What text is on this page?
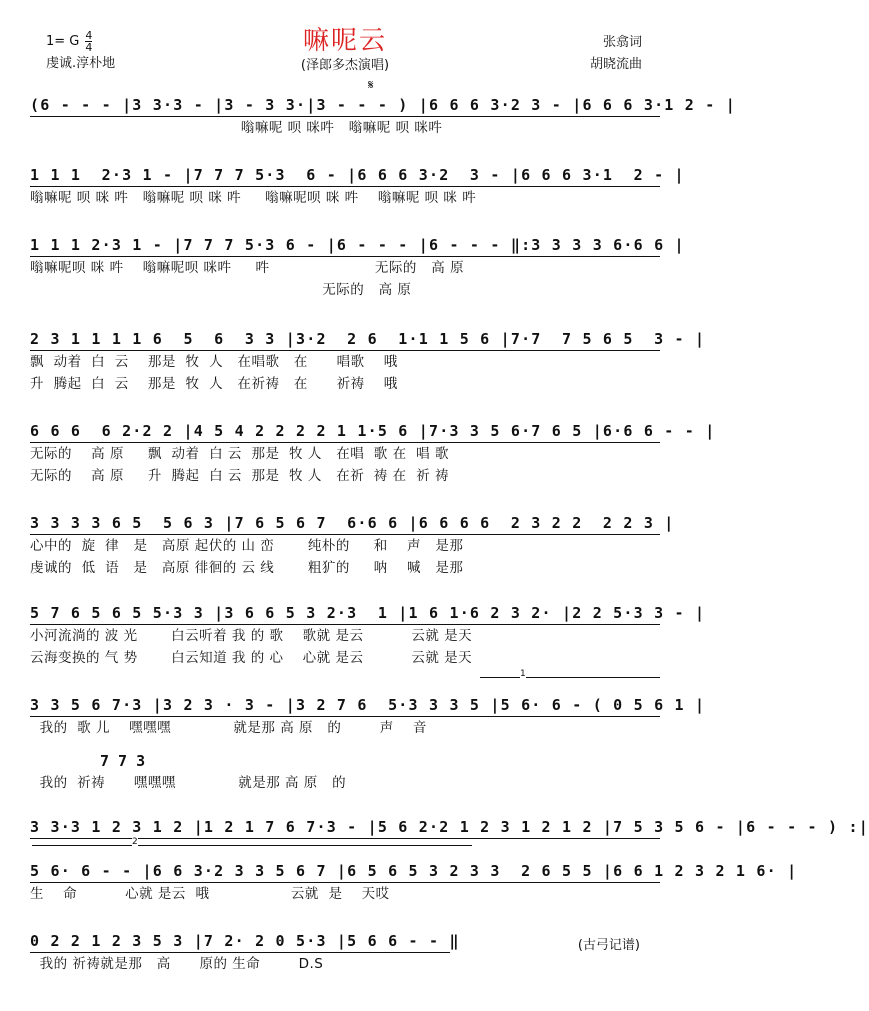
1= G $\frac{4}{4}$
虔诚.淳朴地
嘛呢云
(泽郎多杰演唱)
张翕词
胡晓流曲
𝄋
(6 - - - |3 3·3 - |3 - 3 3·|3 - - - ) |6 6 6 3·2 3 - |6 6 6 3·1 2 - |
嗡嘛呢 呗 咪吽   嗡嘛呢 呗 咪吽
1 1 1  2·3 1 - |7 7 7 5·3  6 - |6 6 6 3·2  3 - |6 6 6 3·1  2 - |
嗡嘛呢 呗 咪 吽   嗡嘛呢 呗 咪 吽     嗡嘛呢呗 咪 吽    嗡嘛呢 呗 咪 吽
1 1 1 2·3 1 - |7 7 7 5·3 6 - |6 - - - |6 - - - ‖:3 3 3 3 6·6 6 |
嗡嘛呢呗 咪 吽    嗡嘛呢呗 咪吽     吽                      无际的   高 原
无际的   高 原
2 3 1 1 1 1 6  5  6  3 3 |3·2  2 6  1·1 1 5 6 |7·7  7 5 6 5  3 - |
飘  动着  白  云    那是  牧  人   在唱歌   在      唱歌    哦
升  腾起  白  云    那是  牧  人   在祈祷   在      祈祷    哦
6 6 6  6 2·2 2 |4 5 4 2 2 2 2 1 1·5 6 |7·3 3 5 6·7 6 5 |6·6 6 - - |
无际的    高 原     飘  动着  白 云  那是  牧 人   在唱  歌 在  唱 歌
无际的    高 原     升  腾起  白 云  那是  牧 人   在祈  祷 在  祈 祷
3 3 3 3 6 5  5 6 3 |7 6 5 6 7  6·6 6 |6 6 6 6  2 3 2 2  2 2 3 |
心中的  旋  律   是   高原 起伏的 山 峦       纯朴的     和    声   是那
虔诚的  低  语   是   高原 徘徊的 云 线       粗犷的     呐    喊   是那
5 7 6 5 6 5 5·3 3 |3 6 6 5 3 2·3  1 |1 6 1·6 2 3 2· |2 2 5·3 3 - |
小河流淌的 波 光       白云听着 我 的 歌    歌就 是云          云就 是天
云海变换的 气 势       白云知道 我 的 心    心就 是云          云就 是天
1
3 3 5 6 7·3 |3 2 3 · 3 - |3 2 7 6  5·3 3 3 5 |5 6· 6 - ( 0 5 6 1 |
我的  歌 儿    嘿嘿嘿             就是那 高 原   的        声    音
7 7 3
我的  祈祷      嘿嘿嘿             就是那 高 原   的
3 3·3 1 2 3 1 2 |1 2 1 7 6 7·3 - |5 6 2·2 1 2 3 1 2 1 2 |7 5 3 5 6 - |6 - - - ) :|
2
5 6· 6 - - |6 6 3·2 3 3 5 6 7 |6 5 6 5 3 2 3 3  2 6 5 5 |6 6 1 2 3 2 1 6· |
生    命          心就 是云  哦                 云就  是    天哎
0 2 2 1 2 3 5 3 |7 2· 2 0 5·3 |5 6 6 - - ‖
我的 祈祷就是那   高      原的 生命        D.S
(古弓记谱)
